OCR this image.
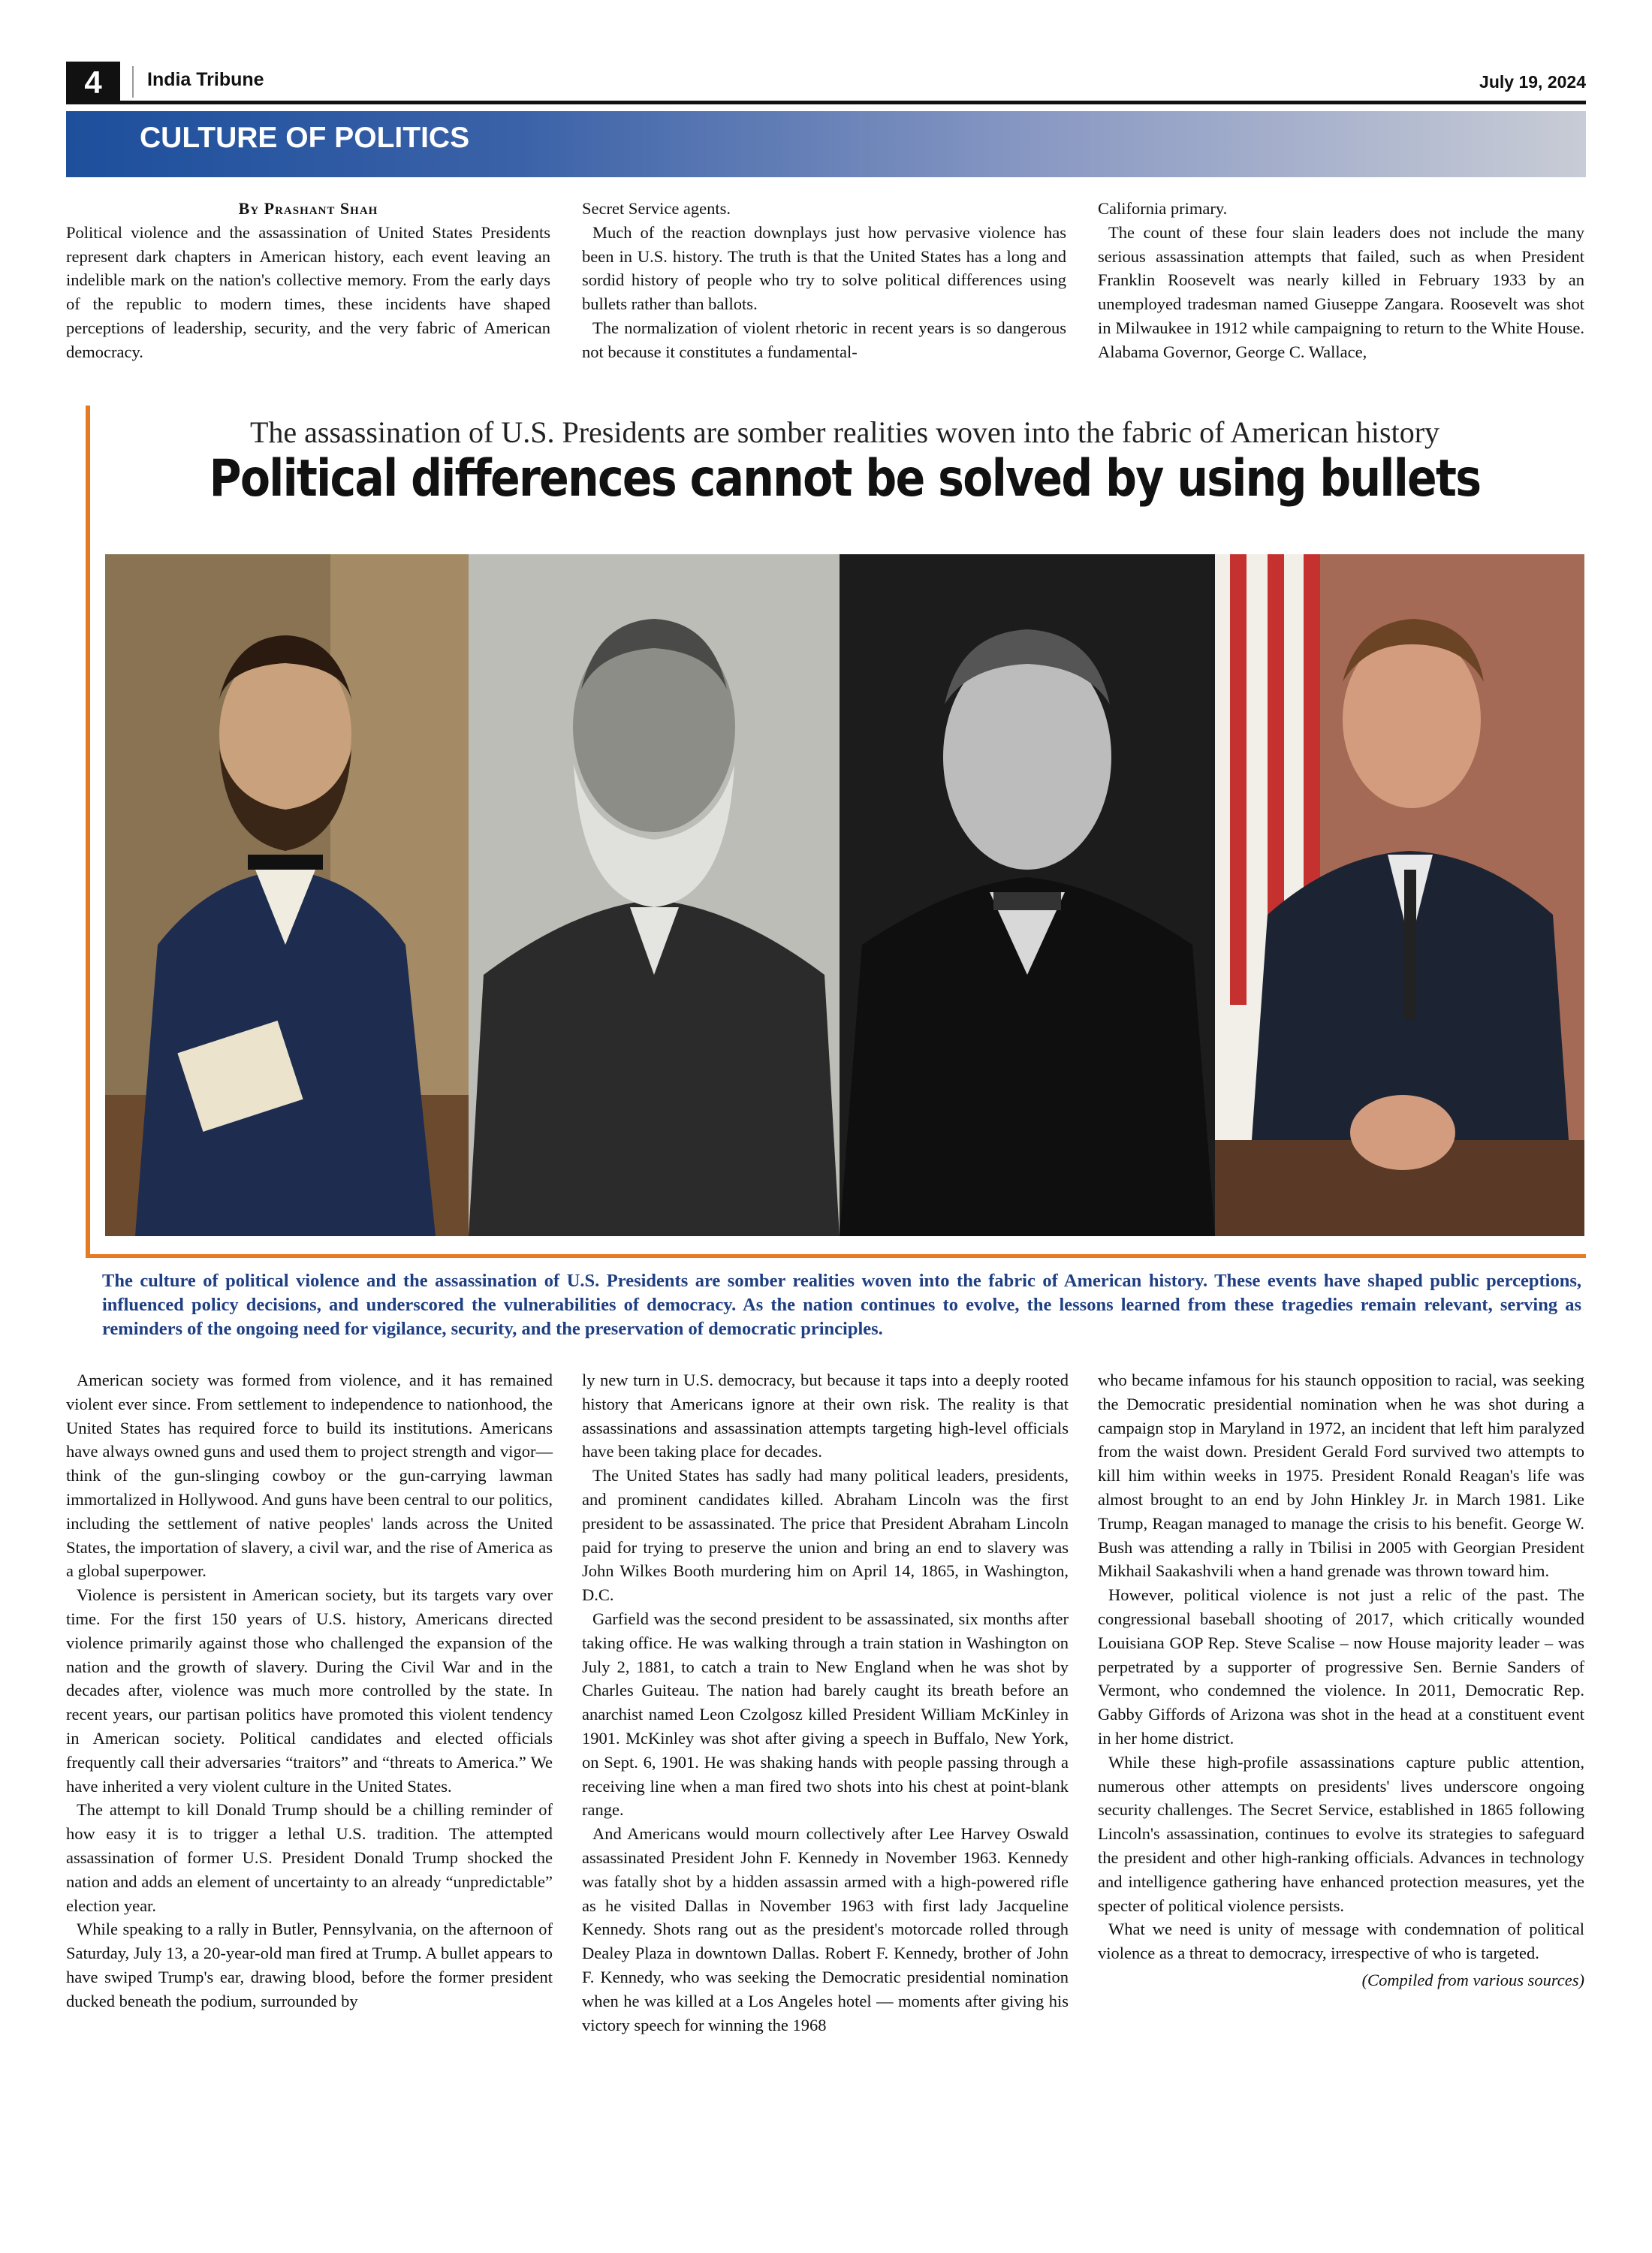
4	India Tribune	July 19, 2024
CULTURE OF POLITICS

By Prashant Shah

Political violence and the assassination of United States Presidents represent dark chapters in American history, each event leaving an indelible mark on the nation's collective memory. From the early days of the republic to modern times, these incidents have shaped perceptions of leadership, security, and the very fabric of American democracy.

Secret Service agents.

Much of the reaction downplays just how pervasive violence has been in U.S. history. The truth is that the United States has a long and sordid history of people who try to solve political differences using bullets rather than ballots.

The normalization of violent rhetoric in recent years is so dangerous not because it constitutes a fundamental-

California primary.

The count of these four slain leaders does not include the many serious assassination attempts that failed, such as when President Franklin Roosevelt was nearly killed in February 1933 by an unemployed tradesman named Giuseppe Zangara. Roosevelt was shot in Milwaukee in 1912 while campaigning to return to the White House. Alabama Governor, George C. Wallace,

The assassination of U.S. Presidents are somber realities woven into the fabric of American history
Political differences cannot be solved by using bullets
The culture of political violence and the assassination of U.S. Presidents are somber realities woven into the fabric of American history. These events have shaped public perceptions, influenced policy decisions, and underscored the vulnerabilities of democracy. As the nation continues to evolve, the lessons learned from these tragedies remain relevant, serving as reminders of the ongoing need for vigilance, security, and the preservation of democratic principles.

American society was formed from violence, and it has remained violent ever since. From settlement to independence to nationhood, the United States has required force to build its institutions. Americans have always owned guns and used them to project strength and vigor—think of the gun-slinging cowboy or the gun-carrying lawman immortalized in Hollywood. And guns have been central to our politics, including the settlement of native peoples' lands across the United States, the importation of slavery, a civil war, and the rise of America as a global superpower.

Violence is persistent in American society, but its targets vary over time. For the first 150 years of U.S. history, Americans directed violence primarily against those who challenged the expansion of the nation and the growth of slavery. During the Civil War and in the decades after, violence was much more controlled by the state. In recent years, our partisan politics have promoted this violent tendency in American society. Political candidates and elected officials frequently call their adversaries “traitors” and “threats to America.” We have inherited a very violent culture in the United States.

The attempt to kill Donald Trump should be a chilling reminder of how easy it is to trigger a lethal U.S. tradition. The attempted assassination of former U.S. President Donald Trump shocked the nation and adds an element of uncertainty to an already “unpredictable” election year.

While speaking to a rally in Butler, Pennsylvania, on the afternoon of Saturday, July 13, a 20-year-old man fired at Trump. A bullet appears to have swiped Trump's ear, drawing blood, before the former president ducked beneath the podium, surrounded by

ly new turn in U.S. democracy, but because it taps into a deeply rooted history that Americans ignore at their own risk. The reality is that assassinations and assassination attempts targeting high-level officials have been taking place for decades.

The United States has sadly had many political leaders, presidents, and prominent candidates killed. Abraham Lincoln was the first president to be assassinated. The price that President Abraham Lincoln paid for trying to preserve the union and bring an end to slavery was John Wilkes Booth murdering him on April 14, 1865, in Washington, D.C.

Garfield was the second president to be assassinated, six months after taking office. He was walking through a train station in Washington on July 2, 1881, to catch a train to New England when he was shot by Charles Guiteau. The nation had barely caught its breath before an anarchist named Leon Czolgosz killed President William McKinley in 1901. McKinley was shot after giving a speech in Buffalo, New York, on Sept. 6, 1901. He was shaking hands with people passing through a receiving line when a man fired two shots into his chest at point-blank range.

And Americans would mourn collectively after Lee Harvey Oswald assassinated President John F. Kennedy in November 1963. Kennedy was fatally shot by a hidden assassin armed with a high-powered rifle as he visited Dallas in November 1963 with first lady Jacqueline Kennedy. Shots rang out as the president's motorcade rolled through Dealey Plaza in downtown Dallas. Robert F. Kennedy, brother of John F. Kennedy, who was seeking the Democratic presidential nomination when he was killed at a Los Angeles hotel — moments after giving his victory speech for winning the 1968

who became infamous for his staunch opposition to racial, was seeking the Democratic presidential nomination when he was shot during a campaign stop in Maryland in 1972, an incident that left him paralyzed from the waist down. President Gerald Ford survived two attempts to kill him within weeks in 1975. President Ronald Reagan's life was almost brought to an end by John Hinkley Jr. in March 1981. Like Trump, Reagan managed to manage the crisis to his benefit. George W. Bush was attending a rally in Tbilisi in 2005 with Georgian President Mikhail Saakashvili when a hand grenade was thrown toward him.

However, political violence is not just a relic of the past. The congressional baseball shooting of 2017, which critically wounded Louisiana GOP Rep. Steve Scalise – now House majority leader – was perpetrated by a supporter of progressive Sen. Bernie Sanders of Vermont, who condemned the violence. In 2011, Democratic Rep. Gabby Giffords of Arizona was shot in the head at a constituent event in her home district.

While these high-profile assassinations capture public attention, numerous other attempts on presidents' lives underscore ongoing security challenges. The Secret Service, established in 1865 following Lincoln's assassination, continues to evolve its strategies to safeguard the president and other high-ranking officials. Advances in technology and intelligence gathering have enhanced protection measures, yet the specter of political violence persists.

What we need is unity of message with condemnation of political violence as a threat to democracy, irrespective of who is targeted.

(Compiled from various sources)
